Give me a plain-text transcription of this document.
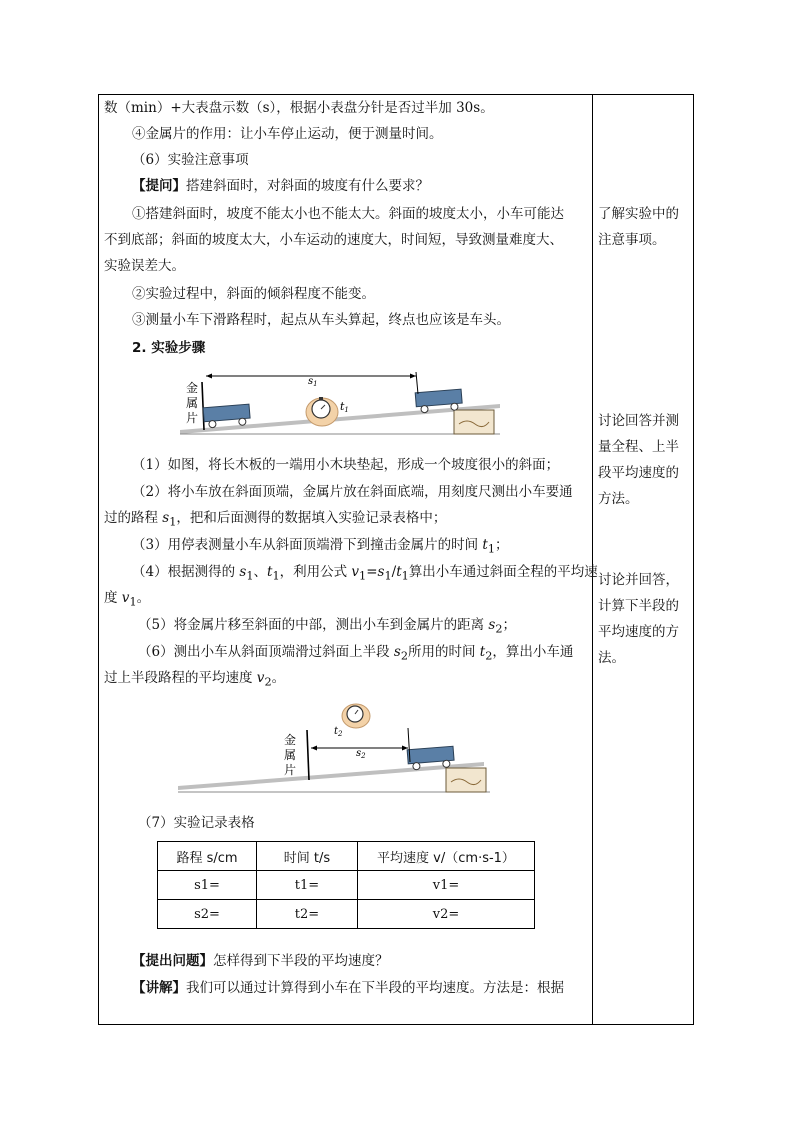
数（min）+大表盘示数（s），根据小表盘分针是否过半加 30s。

④金属片的作用：让小车停止运动，便于测量时间。

（6）实验注意事项

【提问】搭建斜面时，对斜面的坡度有什么要求？

①搭建斜面时，坡度不能太小也不能太大。斜面的坡度太小，小车可能达

不到底部；斜面的坡度太大，小车运动的速度大，时间短，导致测量难度大、

实验误差大。

②实验过程中，斜面的倾斜程度不能变。

③测量小车下滑路程时，起点从车头算起，终点也应该是车头。

2. 实验步骤

（1）如图，将长木板的一端用小木块垫起，形成一个坡度很小的斜面；

（2）将小车放在斜面顶端，金属片放在斜面底端，用刻度尺测出小车要通

过的路程 $s_1$，把和后面测得的数据填入实验记录表格中；

（3）用停表测量小车从斜面顶端滑下到撞击金属片的时间 $t_1$；

（4）根据测得的 $s_1$、$t_1$，利用公式 $v_1=s_1/t_1$算出小车通过斜面全程的平均速

度 $v_1$。

（5）将金属片移至斜面的中部，测出小车到金属片的距离 $s_2$；

（6）测出小车从斜面顶端滑过斜面上半段 $s_2$所用的时间 $t_2$，算出小车通

过上半段路程的平均速度 $v_2$。

（7）实验记录表格

【提出问题】怎样得到下半段的平均速度？

【讲解】我们可以通过计算得到小车在下半段的平均速度。方法是：根据

金
属
片
$s_1$
t1
金
属
片
$s_2$
$t_2$
路程 s/cm	时间 t/s	平均速度 v/（cm·s-1）
s1=	t1=	v1=
s2=	t2=	v2=
了解实验中的
注意事项。
讨论回答并测
量全程、上半
段平均速度的
方法。
讨论并回答，
计算下半段的
平均速度的方
法。
